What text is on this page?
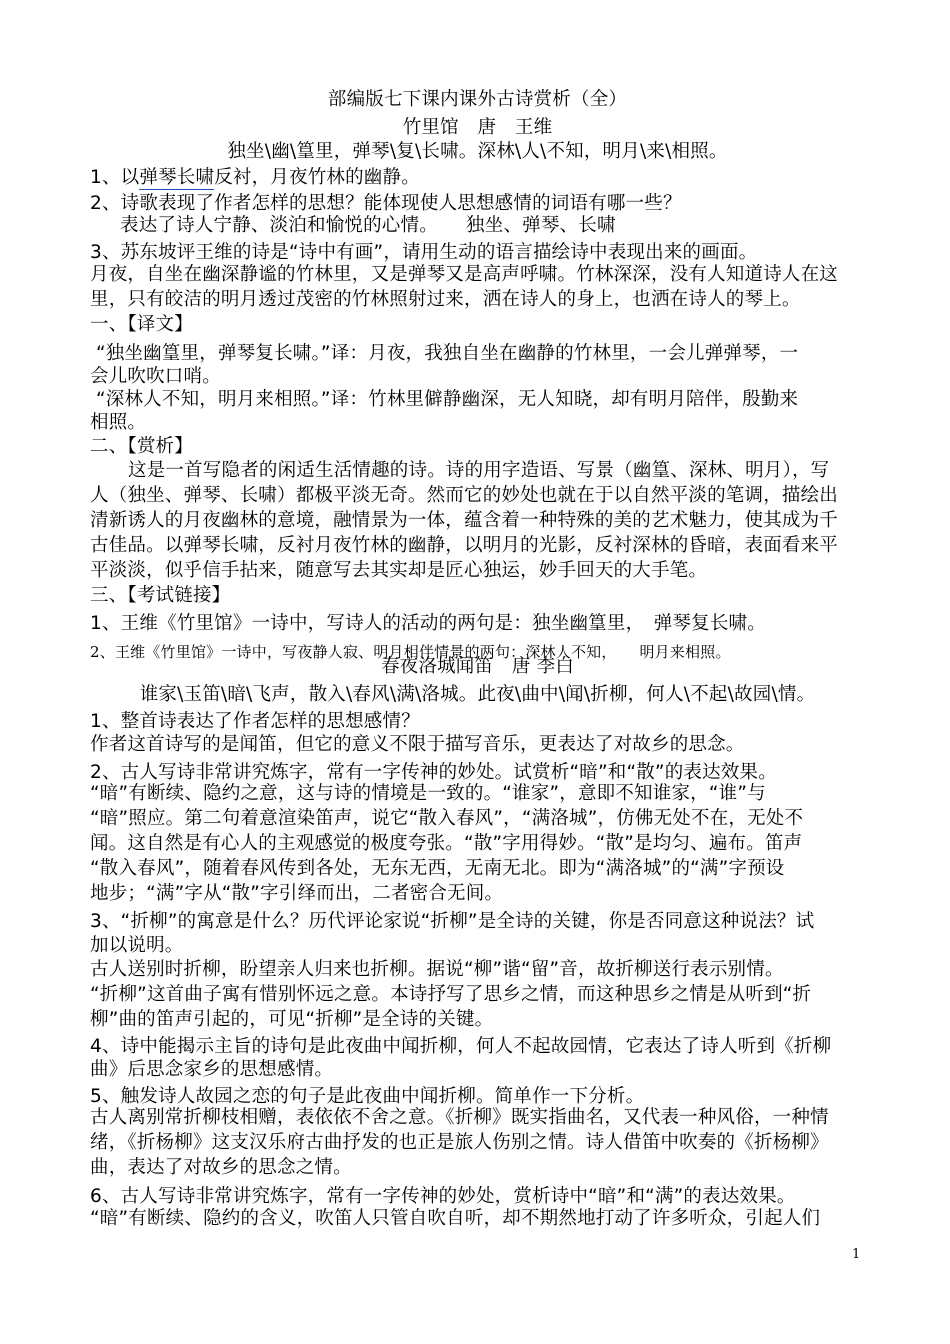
部编版七下课内课外古诗赏析（全）
竹里馆　唐　王维
独坐\幽\篁里，弹琴\复\长啸。深林\人\不知，明月\来\相照。
1、以弹琴长啸反衬，月夜竹林的幽静。
2、诗歌表现了作者怎样的思想？能体现使人思想感情的词语有哪一些？
表达了诗人宁静、淡泊和愉悦的心情。　　独坐、弹琴、长啸
3、苏东坡评王维的诗是“诗中有画”，请用生动的语言描绘诗中表现出来的画面。
月夜，自坐在幽深静谧的竹林里，又是弹琴又是高声呼啸。竹林深深，没有人知道诗人在这
里，只有皎洁的明月透过茂密的竹林照射过来，洒在诗人的身上，也洒在诗人的琴上。
一、【译文】
“独坐幽篁里，弹琴复长啸。”译：月夜，我独自坐在幽静的竹林里，一会儿弹弹琴，一
会儿吹吹口哨。
“深林人不知，明月来相照。”译：竹林里僻静幽深，无人知晓，却有明月陪伴，殷勤来
相照。
二、【赏析】
这是一首写隐者的闲适生活情趣的诗。诗的用字造语、写景（幽篁、深林、明月），写
人（独坐、弹琴、长啸）都极平淡无奇。然而它的妙处也就在于以自然平淡的笔调，描绘出
清新诱人的月夜幽林的意境，融情景为一体，蕴含着一种特殊的美的艺术魅力，使其成为千
古佳品。以弹琴长啸，反衬月夜竹林的幽静，以明月的光影，反衬深林的昏暗，表面看来平
平淡淡，似乎信手拈来，随意写去其实却是匠心独运，妙手回天的大手笔。
三、【考试链接】
1、王维《竹里馆》一诗中，写诗人的活动的两句是：独坐幽篁里，　弹琴复长啸。
2、王维《竹里馆》一诗中，写夜静人寂、明月相伴情景的两句：深林人不知，　　明月来相照。
春夜洛城闻笛　唐 李白
谁家\玉笛\暗\飞声，散入\春风\满\洛城。此夜\曲中\闻\折柳，何人\不起\故园\情。
1、整首诗表达了作者怎样的思想感情？
作者这首诗写的是闻笛，但它的意义不限于描写音乐，更表达了对故乡的思念。
2、古人写诗非常讲究炼字，常有一字传神的妙处。试赏析“暗”和“散”的表达效果。
“暗”有断续、隐约之意，这与诗的情境是一致的。“谁家”，意即不知谁家，“谁”与
“暗”照应。第二句着意渲染笛声，说它“散入春风”，“满洛城”，仿佛无处不在，无处不
闻。这自然是有心人的主观感觉的极度夸张。“散”字用得妙。“散”是均匀、遍布。笛声
“散入春风”，随着春风传到各处，无东无西，无南无北。即为“满洛城”的“满”字预设
地步；“满”字从“散”字引绎而出，二者密合无间。
3、“折柳”的寓意是什么？历代评论家说“折柳”是全诗的关键，你是否同意这种说法？试
加以说明。
古人送别时折柳，盼望亲人归来也折柳。据说“柳”谐“留”音，故折柳送行表示别情。
“折柳”这首曲子寓有惜别怀远之意。本诗抒写了思乡之情，而这种思乡之情是从听到“折
柳”曲的笛声引起的，可见“折柳”是全诗的关键。
4、诗中能揭示主旨的诗句是此夜曲中闻折柳，何人不起故园情，它表达了诗人听到《折柳
曲》后思念家乡的思想感情。
5、触发诗人故园之恋的句子是此夜曲中闻折柳。简单作一下分析。
古人离别常折柳枝相赠，表依依不舍之意。《折柳》既实指曲名，又代表一种风俗，一种情
绪，《折杨柳》这支汉乐府古曲抒发的也正是旅人伤别之情。诗人借笛中吹奏的《折杨柳》
曲，表达了对故乡的思念之情。
6、古人写诗非常讲究炼字，常有一字传神的妙处，赏析诗中“暗”和“满”的表达效果。
“暗”有断续、隐约的含义，吹笛人只管自吹自听，却不期然地打动了许多听众，引起人们
1
